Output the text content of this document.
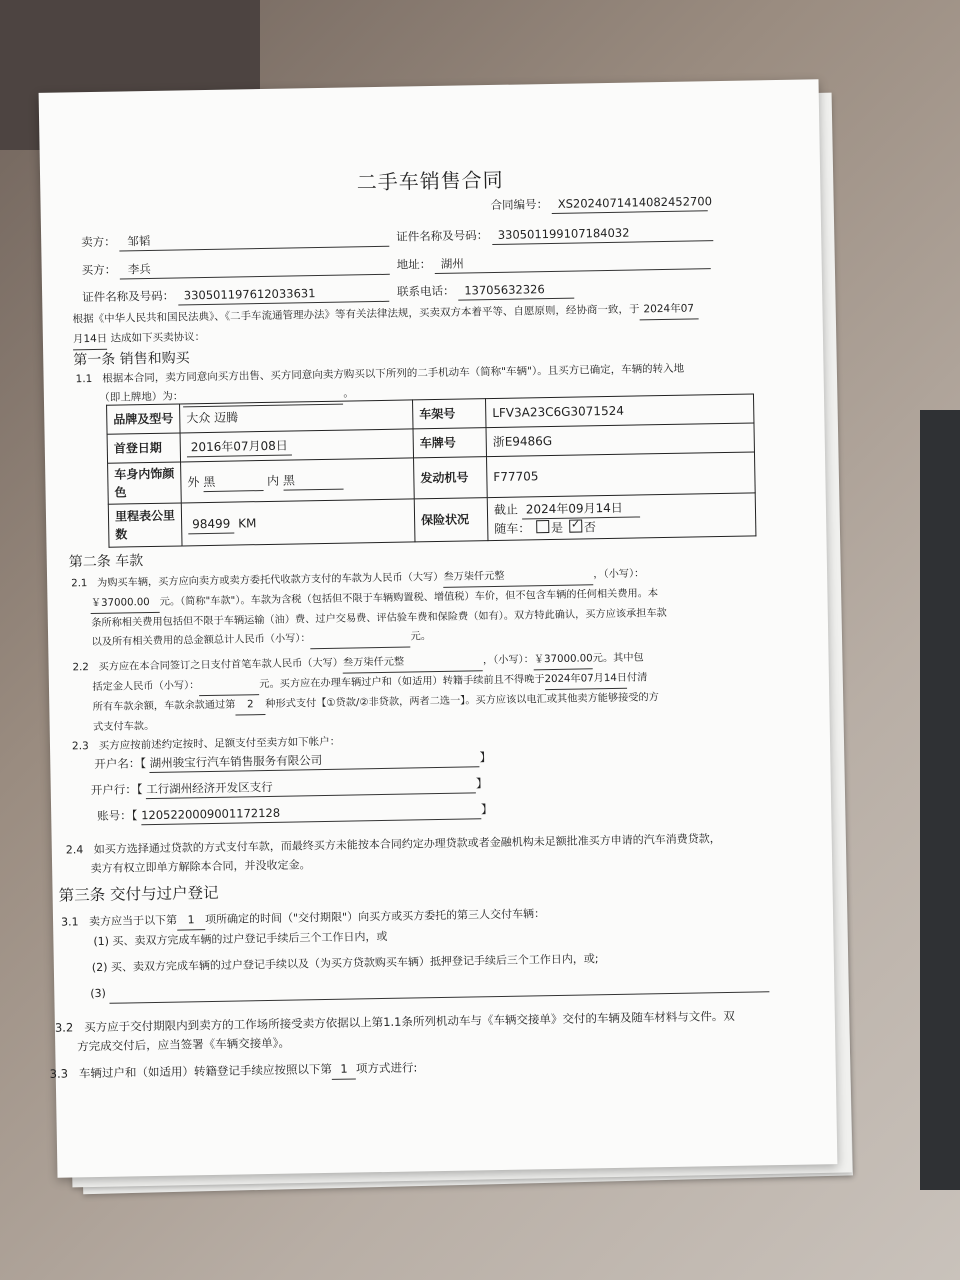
二手车销售合同
合同编号： XS20240714140824527​00
卖方： 邹韬	证件名称及号码： 330501199107184032
买方： 李兵	地址： 湖州
证件名称及号码： 330501197612033631	联系电话： 13705632326
根据《中华人民共和国民法典》、《二手车流通管理办法》等有关法律法规，买卖双方本着平等、自愿原则，经协商一致，于 2024年07
月14日 达成如下买卖协议：
第一条 销售和购买
1.1 根据本合同，卖方同意向买方出售、买方同意向卖方购买以下所列的二手机动车（简称"车辆"）。且买方已确定，车辆的转入地
（即上牌地）为：	。
品牌及型号	大众 迈腾	车架号	LFV3A23C6G3071524
首登日期	2016年07月08日	车牌号	浙E9486G
车身内饰颜色	外 黑 内 黑	发动机号	F77705
里程表公里数	98499 KM	保险状况	截止 2024年09月14日
随车： 是 ✓ 否
第二条 车款
2.1 为购买车辆，买方应向卖方或卖方委托代收款方支付的车款为人民币（大写）叁万柒仟元整	，（小写）：
￥37000.00 元。（简称"车款"）。车款为含税（包括但不限于车辆购置税、增值税）车价，但不包含车辆的任何相关费用。本
条所称相关费用包括但不限于车辆运输（油）费、过户交易费、评估验车费和保险费（如有）。双方特此确认，买方应该承担车款
以及所有相关费用的总金额总计人民币（小写）：	元。
2.2 买方应在本合同签订之日支付首笔车款人民币（大写）叁万柒仟元整	，（小写）：￥37000.00元。其中包
括定金人民币（小写）：	元。买方应在办理车辆过户和（如适用）转籍手续前且不得晚于2024年07月14日付清
所有车款余额，车款余款通过第 2 种形式支付【①贷款/②非贷款，两者二选一】。买方应该以电汇或其他卖方能够接受的方
式支付车款。
2.3 买方应按前述约定按时、足额支付至卖方如下帐户：
开户名：【 湖州骏宝行汽车销售服务有限公司	】
开户行：【 工行湖州经济开发区支行	】
账号：【 1205220009001172128	】
2.4 如买方选择通过贷款的方式支付车款，而最终买方未能按本合同约定办理贷款或者金融机构未足额批准买方申请的汽车消费贷款，
卖方有权立即单方解除本合同，并没收定金。
第三条 交付与过户登记
3.1 卖方应当于以下第 1 项所确定的时间（"交付期限"）向买方或买方委托的第三人交付车辆：
(1) 买、卖双方完成车辆的过户登记手续后三个工作日内，或
(2) 买、卖双方完成车辆的过户登记手续以及（为买方贷款购买车辆）抵押登记手续后三个工作日内，或;
(3)
3.2 买方应于交付期限内到卖方的工作场所接受卖方依据以上第1.1条所列机动车与《车辆交接单》交付的车辆及随车材料与文件。双
方完成交付后，应当签署《车辆交接单》。
3.3 车辆过户和（如适用）转籍登记手续应按照以下第 1 项方式进行:
